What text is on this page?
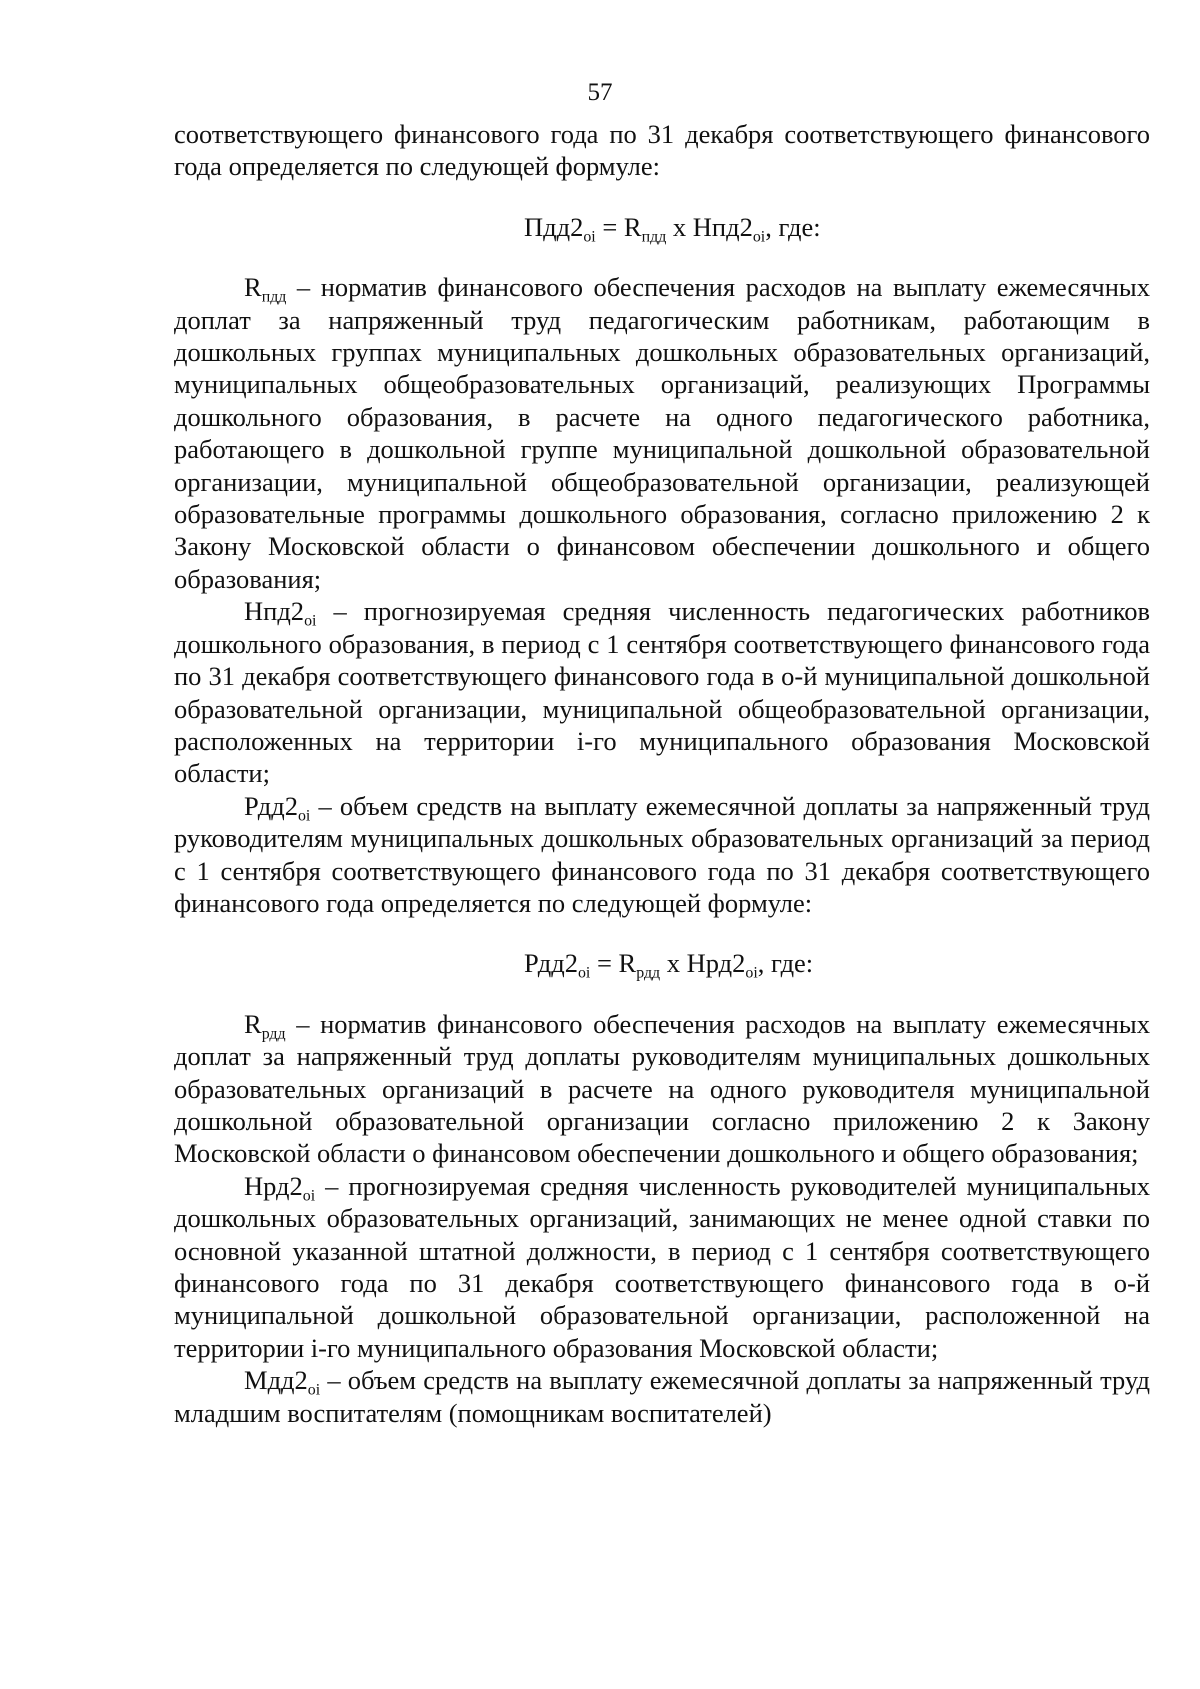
57

соответствующего финансового года по 31 декабря соответствующего финансового года определяется по следующей формуле:

$Пдд2_{oi} = R_{пдд}$ х $Нпд2_{oi}$, где:

$R_{пдд}$ – норматив финансового обеспечения расходов на выплату ежемесячных доплат за напряженный труд педагогическим работникам, работающим в дошкольных группах муниципальных дошкольных образовательных организаций, муниципальных общеобразовательных организаций, реализующих Программы дошкольного образования, в расчете на одного педагогического работника, работающего в дошкольной группе муниципальной дошкольной образовательной организации, муниципальной общеобразовательной организации, реализующей образовательные программы дошкольного образования, согласно приложению 2 к Закону Московской области о финансовом обеспечении дошкольного и общего образования;

$Нпд2_{oi}$ – прогнозируемая средняя численность педагогических работников дошкольного образования, в период с 1 сентября соответствующего финансового года по 31 декабря соответствующего финансового года в о-й муниципальной дошкольной образовательной организации, муниципальной общеобразовательной организации, расположенных на территории i-го муниципального образования Московской области;

$Рдд2_{oi}$ – объем средств на выплату ежемесячной доплаты за напряженный труд руководителям муниципальных дошкольных образовательных организаций за период с 1 сентября соответствующего финансового года по 31 декабря соответствующего финансового года определяется по следующей формуле:

$Рдд2_{oi} = R_{рдд}$ х $Нрд2_{oi}$, где:

$R_{рдд}$ – норматив финансового обеспечения расходов на выплату ежемесячных доплат за напряженный труд доплаты руководителям муниципальных дошкольных образовательных организаций в расчете на одного руководителя муниципальной дошкольной образовательной организации согласно приложению 2 к Закону Московской области о финансовом обеспечении дошкольного и общего образования;

$Нрд2_{oi}$ – прогнозируемая средняя численность руководителей муниципальных дошкольных образовательных организаций, занимающих не менее одной ставки по основной указанной штатной должности, в период с 1 сентября соответствующего финансового года по 31 декабря соответствующего финансового года в о-й муниципальной дошкольной образовательной организации, расположенной на территории i-го муниципального образования Московской области;

$Мдд2_{oi}$ – объем средств на выплату ежемесячной доплаты за напряженный труд младшим воспитателям (помощникам воспитателей)
